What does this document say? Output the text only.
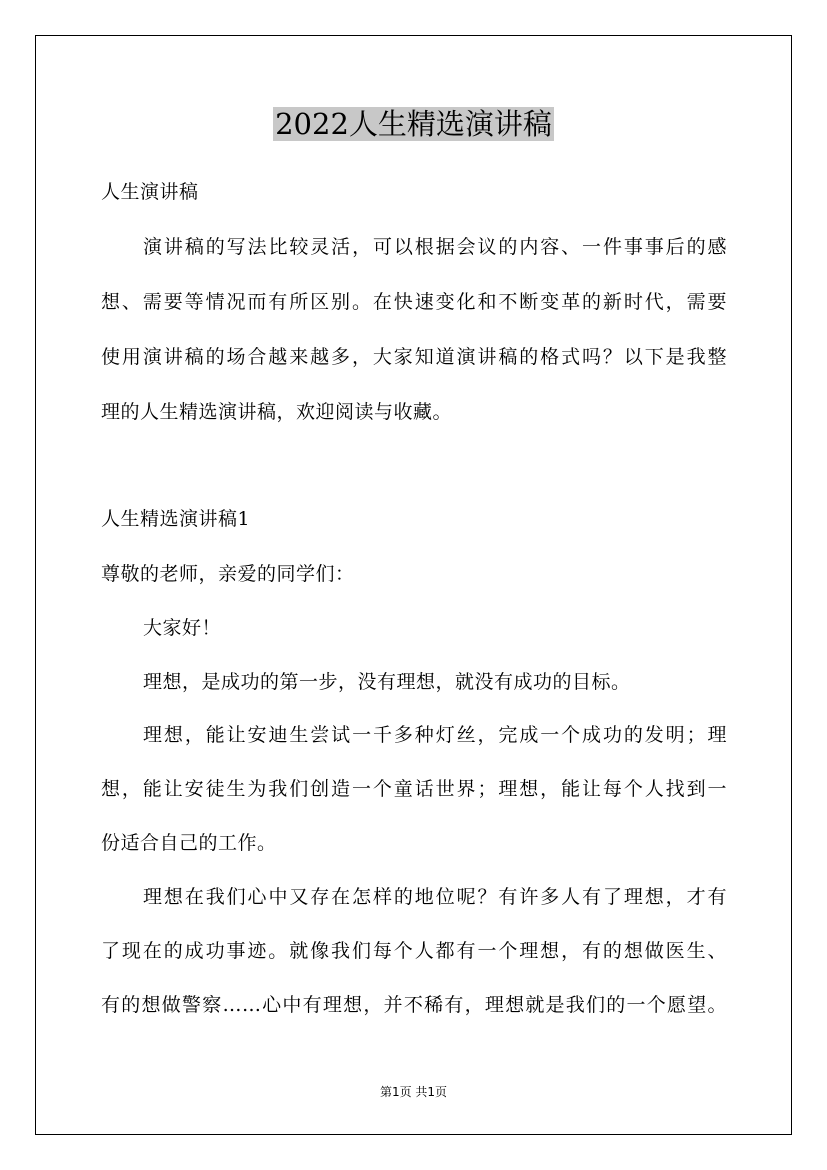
2022人生精选演讲稿
人生演讲稿
演讲稿的写法比较灵活，可以根据会议的内容、一件事事后的感
想、需要等情况而有所区别。在快速变化和不断变革的新时代，需要
使用演讲稿的场合越来越多，大家知道演讲稿的格式吗？以下是我整
理的人生精选演讲稿，欢迎阅读与收藏。
人生精选演讲稿1
尊敬的老师，亲爱的同学们：
大家好！
理想，是成功的第一步，没有理想，就没有成功的目标。
理想，能让安迪生尝试一千多种灯丝，完成一个成功的发明；理
想，能让安徒生为我们创造一个童话世界；理想，能让每个人找到一
份适合自己的工作。
理想在我们心中又存在怎样的地位呢？有许多人有了理想，才有
了现在的成功事迹。就像我们每个人都有一个理想，有的想做医生、
有的想做警察……心中有理想，并不稀有，理想就是我们的一个愿望。
第1页 共1页
